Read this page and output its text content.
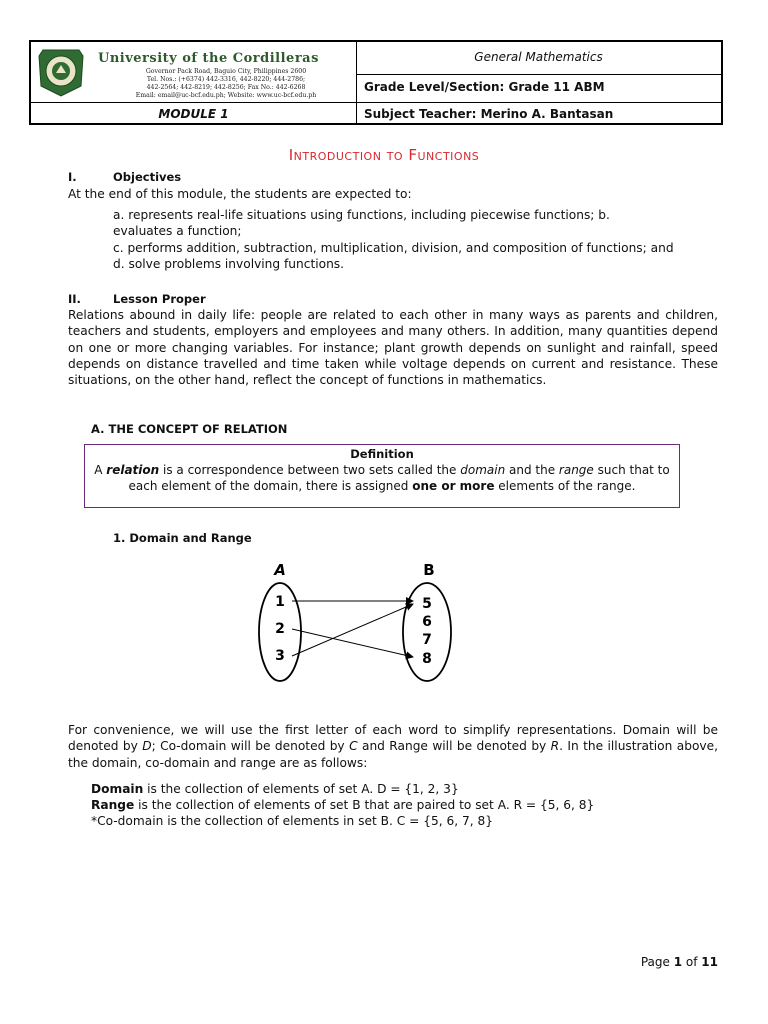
University of the Cordilleras
Governor Pack Road, Baguio City, Philippines 2600
Tel. Nos.: (+6374) 442-3316, 442-8220; 444-2786;
442-2564; 442-8219; 442-8256; Fax No.: 442-6268
Email: email@uc-bcf.edu.ph; Website: www.uc-bcf.edu.ph
General Mathematics
Grade Level/Section: Grade 11 ABM
MODULE 1	Subject Teacher: Merino A. Bantasan
Introduction to Functions
I.	Objectives
At the end of this module, the students are expected to:
a. represents real-life situations using functions, including piecewise functions; b.
evaluates a function;
c. performs addition, subtraction, multiplication, division, and composition of functions; and
d. solve problems involving functions.
II.	Lesson Proper
Relations abound in daily life: people are related to each other in many ways as parents and children, teachers and students, employers and employees and many others. In addition, many quantities depend on one or more changing variables. For instance; plant growth depends on sunlight and rainfall, speed depends on distance travelled and time taken while voltage depends on current and resistance. These situations, on the other hand, reflect the concept of functions in mathematics.
A. THE CONCEPT OF RELATION
Definition
A relation is a correspondence between two sets called the domain and the range such that to each element of the domain, there is assigned one or more elements of the range.
1. Domain and Range
A	B
1
2
3
5
6
7
8
For convenience, we will use the first letter of each word to simplify representations. Domain will be denoted by D; Co-domain will be denoted by C and Range will be denoted by R. In the illustration above, the domain, co-domain and range are as follows:
Domain is the collection of elements of set A. D = {1, 2, 3}
Range is the collection of elements of set B that are paired to set A. R = {5, 6, 8}
*Co-domain is the collection of elements in set B. C = {5, 6, 7, 8}
Page 1 of 11
